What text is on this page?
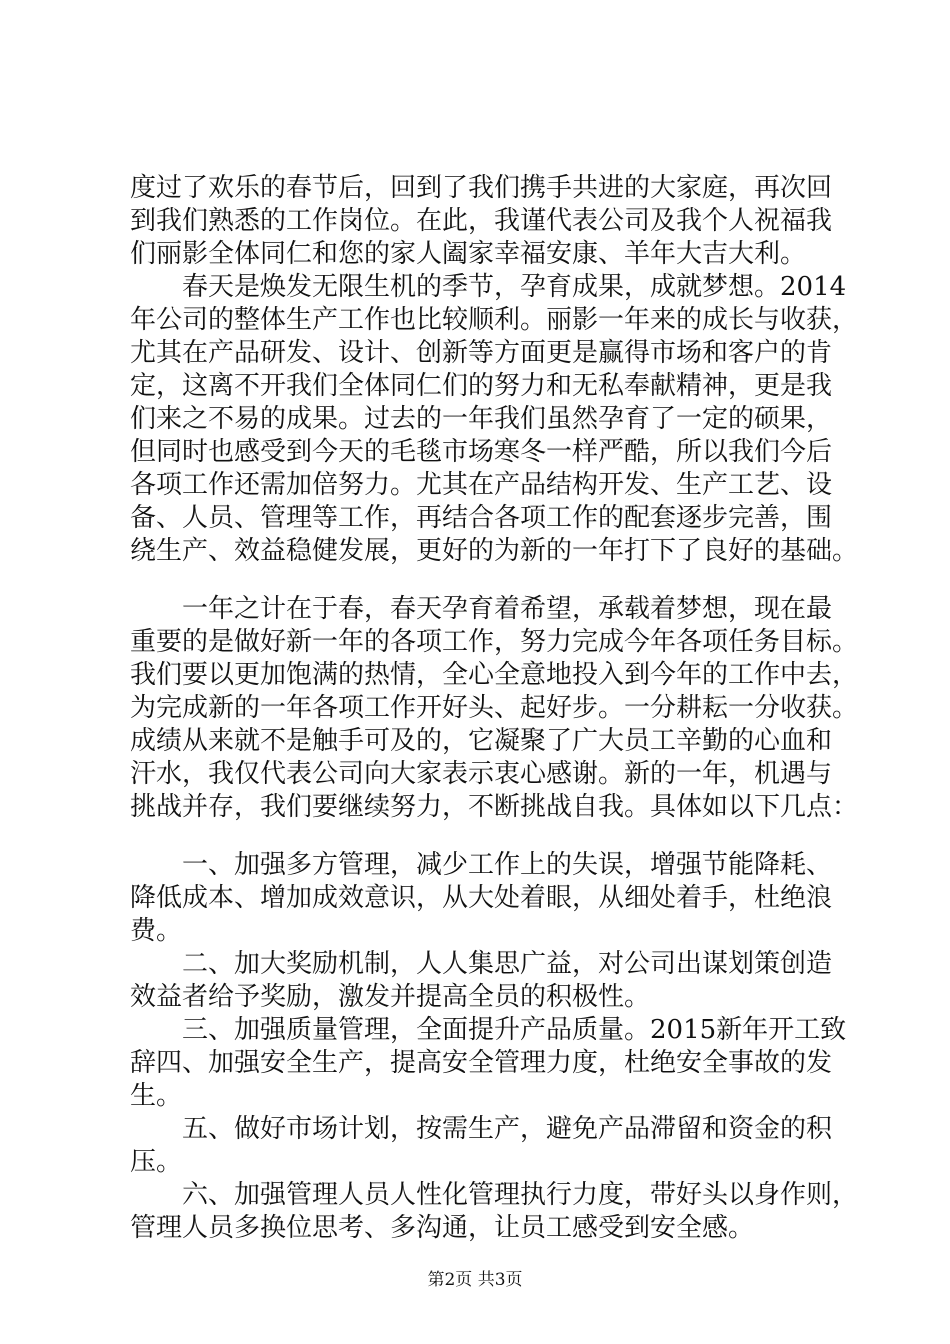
度过了欢乐的春节后，回到了我们携手共进的大家庭，再次回
到我们熟悉的工作岗位。在此，我谨代表公司及我个人祝福我
们丽影全体同仁和您的家人阖家幸福安康、羊年大吉大利。
　　春天是焕发无限生机的季节，孕育成果，成就梦想。2014
年公司的整体生产工作也比较顺利。丽影一年来的成长与收获，
尤其在产品研发、设计、创新等方面更是赢得市场和客户的肯
定，这离不开我们全体同仁们的努力和无私奉献精神，更是我
们来之不易的成果。过去的一年我们虽然孕育了一定的硕果，
但同时也感受到今天的毛毯市场寒冬一样严酷，所以我们今后
各项工作还需加倍努力。尤其在产品结构开发、生产工艺、设
备、人员、管理等工作，再结合各项工作的配套逐步完善，围
绕生产、效益稳健发展，更好的为新的一年打下了良好的基础。
　　一年之计在于春，春天孕育着希望，承载着梦想，现在最
重要的是做好新一年的各项工作，努力完成今年各项任务目标。
我们要以更加饱满的热情，全心全意地投入到今年的工作中去，
为完成新的一年各项工作开好头、起好步。一分耕耘一分收获。
成绩从来就不是触手可及的，它凝聚了广大员工辛勤的心血和
汗水，我仅代表公司向大家表示衷心感谢。新的一年，机遇与
挑战并存，我们要继续努力，不断挑战自我。具体如以下几点：
　　一、加强多方管理，减少工作上的失误，增强节能降耗、
降低成本、增加成效意识，从大处着眼，从细处着手，杜绝浪
费。
　　二、加大奖励机制，人人集思广益，对公司出谋划策创造
效益者给予奖励，激发并提高全员的积极性。
　　三、加强质量管理，全面提升产品质量。2015新年开工致
辞四、加强安全生产，提高安全管理力度，杜绝安全事故的发
生。
　　五、做好市场计划，按需生产，避免产品滞留和资金的积
压。
　　六、加强管理人员人性化管理执行力度，带好头以身作则，
管理人员多换位思考、多沟通，让员工感受到安全感。
第2页 共3页
